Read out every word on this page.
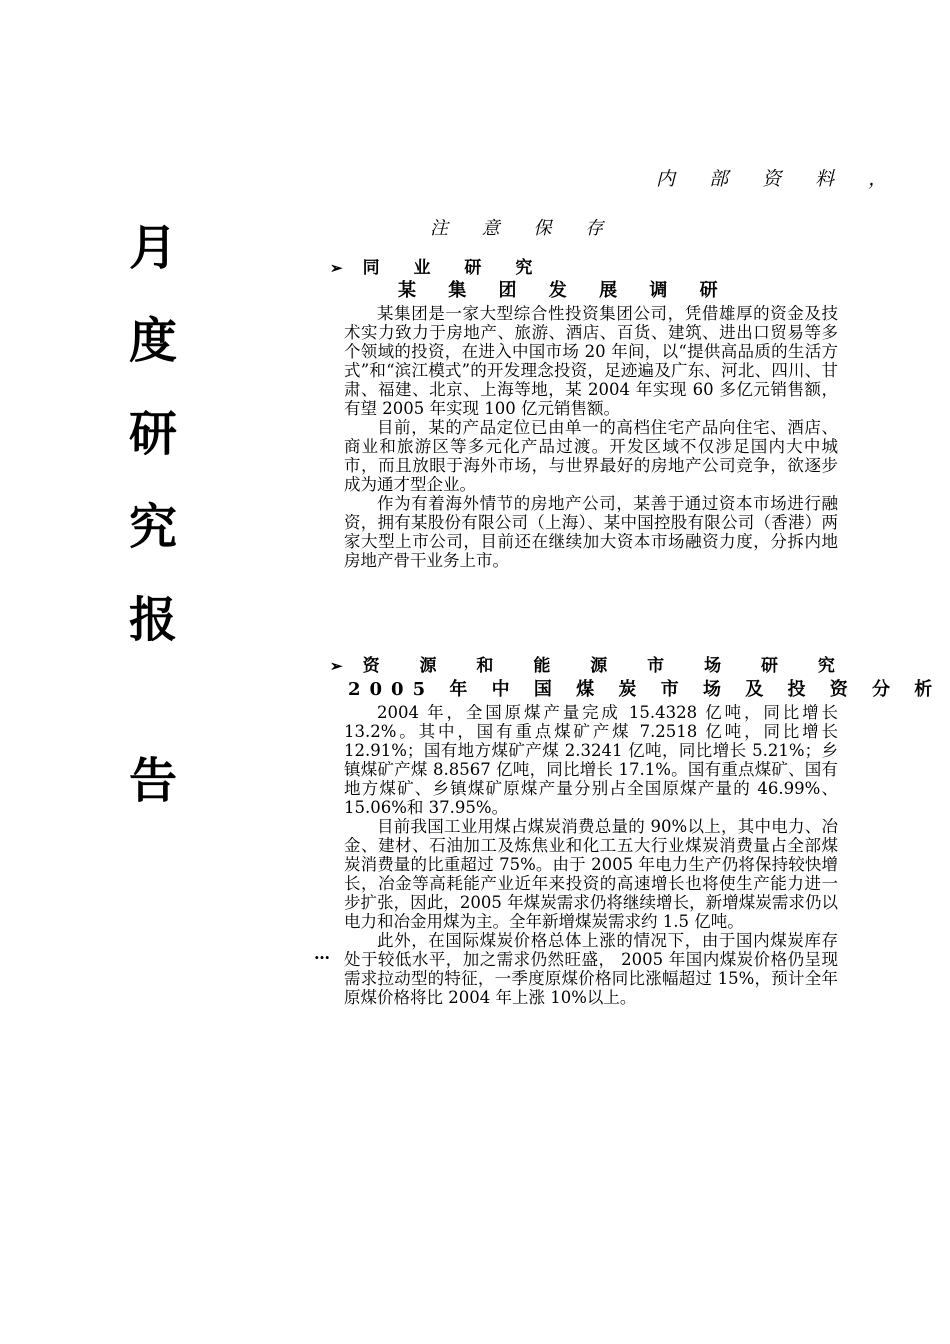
内 部 资 料 ，
月
度
研
究
报
告
注 意 保 存
➢ 同 业 研 究
某 集 团 发 展 调 研

某集团是一家大型综合性投资集团公司，凭借雄厚的资金及技术实力致力于房地产、旅游、酒店、百货、建筑、进出口贸易等多个领域的投资，在进入中国市场 20 年间，以“提供高品质的生活方式”和“滨江模式”的开发理念投资，足迹遍及广东、河北、四川、甘肃、福建、北京、上海等地，某 2004 年实现 60 多亿元销售额，有望 2005 年实现 100 亿元销售额。

目前，某的产品定位已由单一的高档住宅产品向住宅、酒店、商业和旅游区等多元化产品过渡。开发区域不仅涉足国内大中城市，而且放眼于海外市场，与世界最好的房地产公司竞争，欲逐步成为通才型企业。

作为有着海外情节的房地产公司，某善于通过资本市场进行融资，拥有某股份有限公司（上海）、某中国控股有限公司（香港）两家大型上市公司，目前还在继续加大资本市场融资力度，分拆内地房地产骨干业务上市。

➢ 资 源 和 能 源 市 场 研 究
2005 年 中 国 煤 炭 市 场 及 投 资 分 析

2004 年，全国原煤产量完成 15.4328 亿吨，同比增长 13.2%。其中，国有重点煤矿产煤 7.2518 亿吨，同比增长 12.91%；国有地方煤矿产煤 2.3241 亿吨，同比增长 5.21%；乡镇煤矿产煤 8.8567 亿吨，同比增长 17.1%。国有重点煤矿、国有地方煤矿、乡镇煤矿原煤产量分别占全国原煤产量的 46.99%、15.06%和 37.95%。

目前我国工业用煤占煤炭消费总量的 90%以上，其中电力、冶金、建材、石油加工及炼焦业和化工五大行业煤炭消费量占全部煤炭消费量的比重超过 75%。由于 2005 年电力生产仍将保持较快增长，冶金等高耗能产业近年来投资的高速增长也将使生产能力进一步扩张，因此，2005 年煤炭需求仍将继续增长，新增煤炭需求仍以电力和冶金用煤为主。全年新增煤炭需求约 1.5 亿吨。

此外，在国际煤炭价格总体上涨的情况下，由于国内煤炭库存处于较低水平，加之需求仍然旺盛， 2005 年国内煤炭价格仍呈现需求拉动型的特征，一季度原煤价格同比涨幅超过 15%，预计全年原煤价格将比 2004 年上涨 10%以上。

…
